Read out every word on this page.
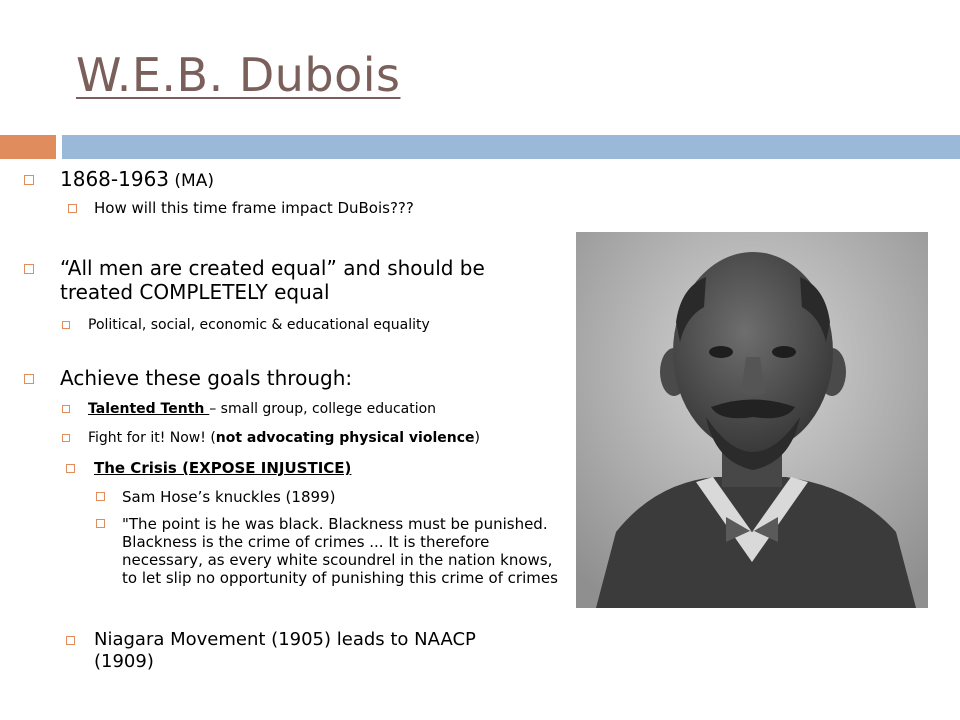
W.E.B. Dubois
1868-1963 (MA)
How will this time frame impact DuBois???
“All men are created equal” and should be treated COMPLETELY equal
Political, social, economic & educational equality
Achieve these goals through:
Talented Tenth – small group, college education
Fight for it! Now! (not advocating physical violence)
The Crisis (EXPOSE INJUSTICE)
Sam Hose’s knuckles (1899)
"The point is he was black. Blackness must be punished. Blackness is the crime of crimes ... It is therefore necessary, as every white scoundrel in the nation knows, to let slip no opportunity of punishing this crime of crimes
Niagara Movement (1905) leads to NAACP (1909)
